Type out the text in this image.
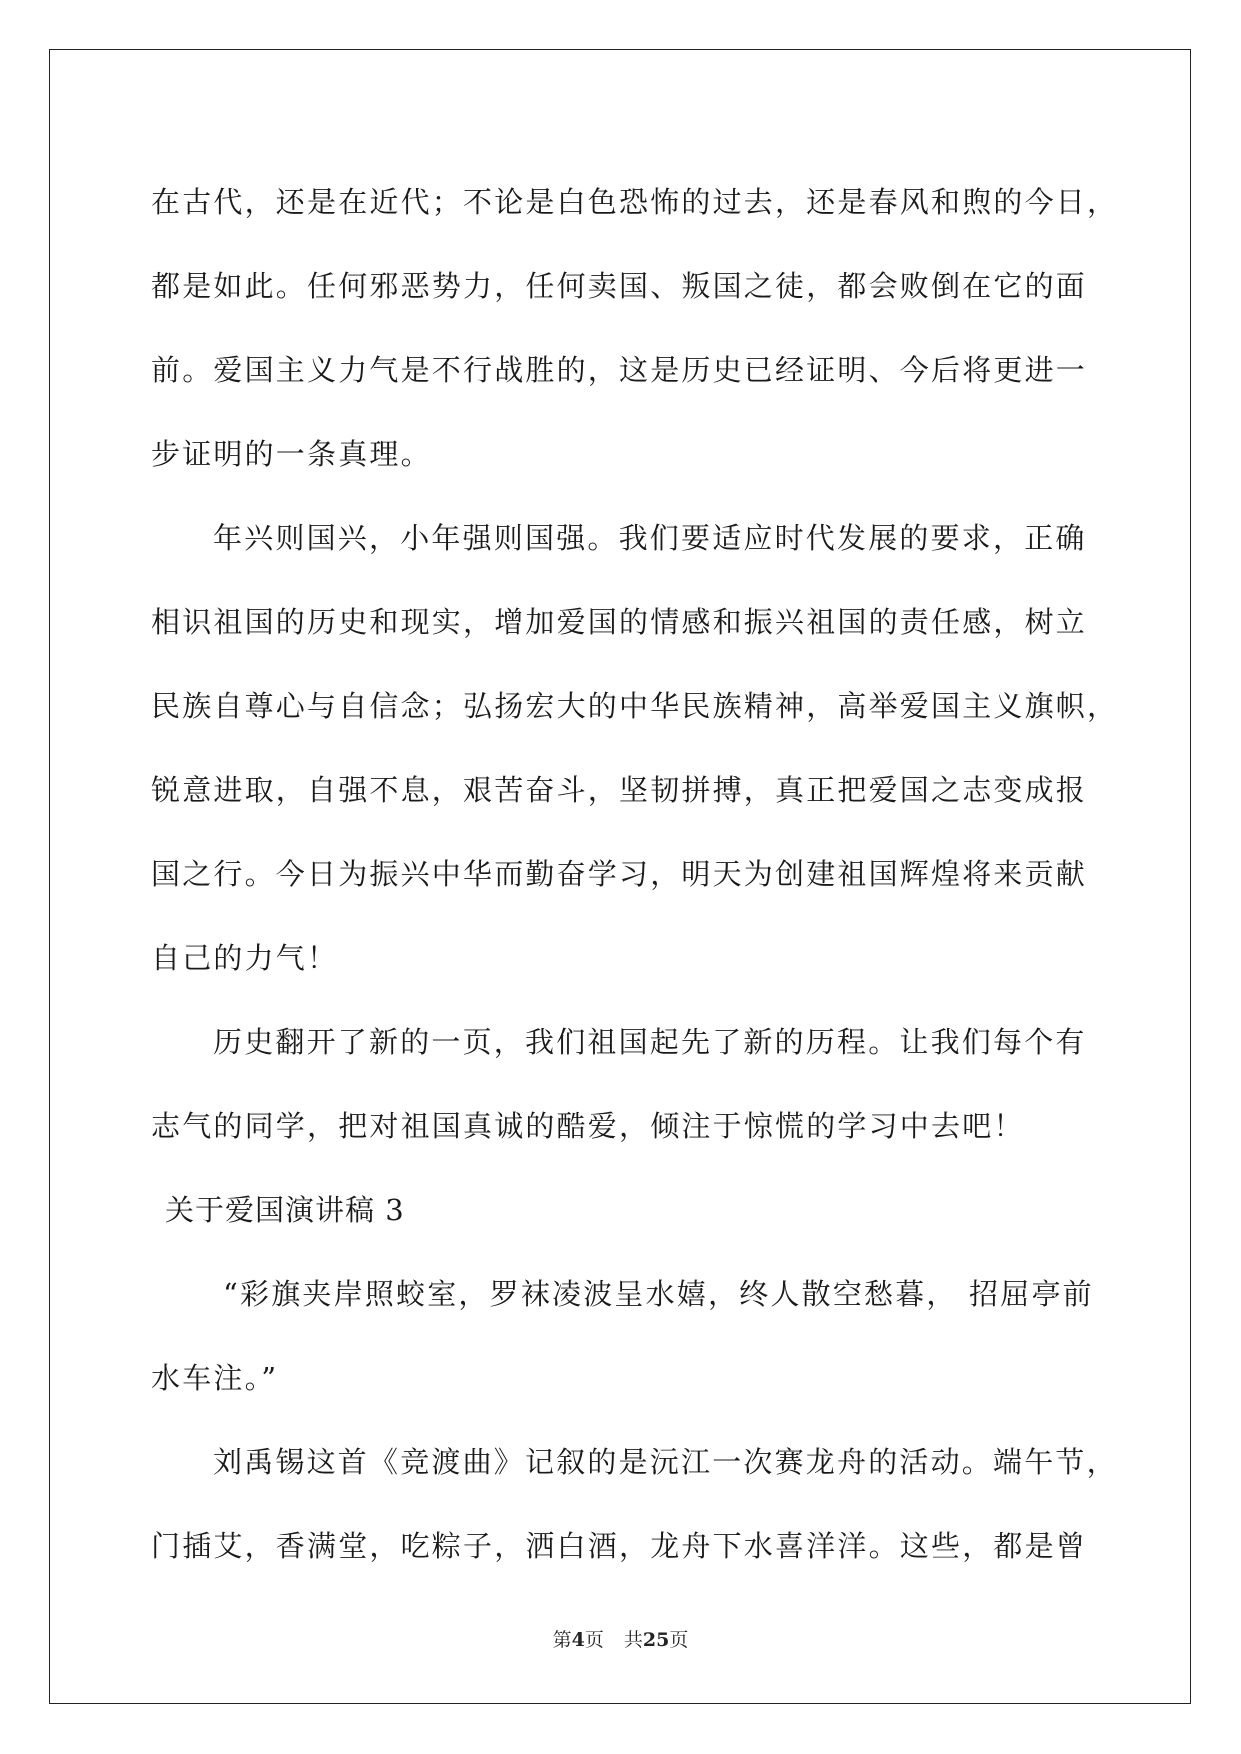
在古代，还是在近代；不论是白色恐怖的过去，还是春风和煦的今日，
都是如此。任何邪恶势力，任何卖国、叛国之徒，都会败倒在它的面
前。爱国主义力气是不行战胜的，这是历史已经证明、今后将更进一
步证明的一条真理。
年兴则国兴，小年强则国强。我们要适应时代发展的要求，正确
相识祖国的历史和现实，增加爱国的情感和振兴祖国的责任感，树立
民族自尊心与自信念；弘扬宏大的中华民族精神，高举爱国主义旗帜，
锐意进取，自强不息，艰苦奋斗，坚韧拼搏，真正把爱国之志变成报
国之行。今日为振兴中华而勤奋学习，明天为创建祖国辉煌将来贡献
自己的力气！
历史翻开了新的一页，我们祖国起先了新的历程。让我们每个有
志气的同学，把对祖国真诚的酷爱，倾注于惊慌的学习中去吧！
关于爱国演讲稿 3
“彩旗夹岸照蛟室，罗袜凌波呈水嬉，终人散空愁暮， 招屈亭前
水车注。”
刘禹锡这首《竞渡曲》记叙的是沅江一次赛龙舟的活动。端午节，
门插艾，香满堂，吃粽子，洒白酒，龙舟下水喜洋洋。这些，都是曾
第4页 共25页
